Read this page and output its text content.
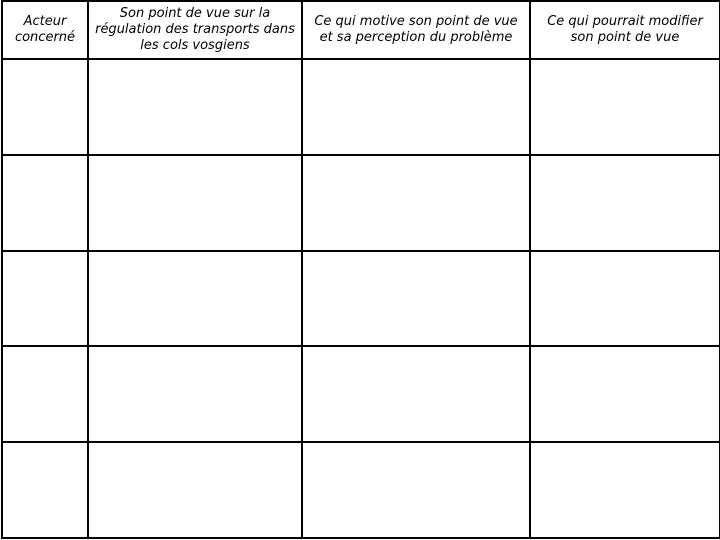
Acteur concerné	Son point de vue sur la régulation des transports dans les cols vosgiens	Ce qui motive son point de vue et sa perception du problème	Ce qui pourrait modifier son point de vue
